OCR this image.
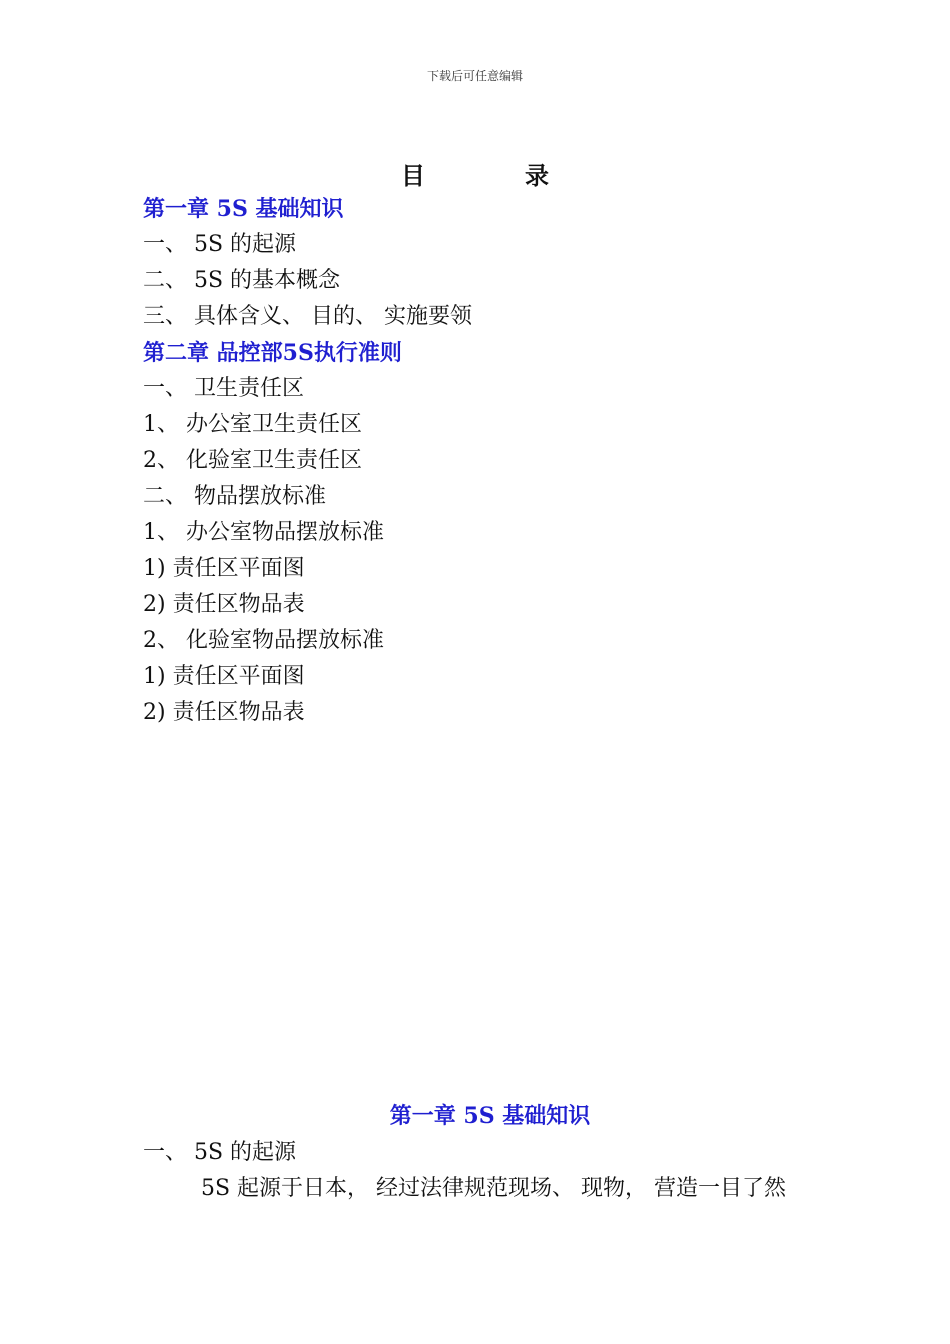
下载后可任意编辑
目	录
第一章 5S 基础知识
一、 5S 的起源
二、 5S 的基本概念
三、 具体含义、 目的、 实施要领
第二章 品控部5S执行准则
一、 卫生责任区
1、 办公室卫生责任区
2、 化验室卫生责任区
二、 物品摆放标准
1、 办公室物品摆放标准
1) 责任区平面图
2) 责任区物品表
2、 化验室物品摆放标准
1) 责任区平面图
2) 责任区物品表
第一章 5S 基础知识
一、 5S 的起源
5S 起源于日本， 经过法律规范现场、 现物， 营造一目了然
